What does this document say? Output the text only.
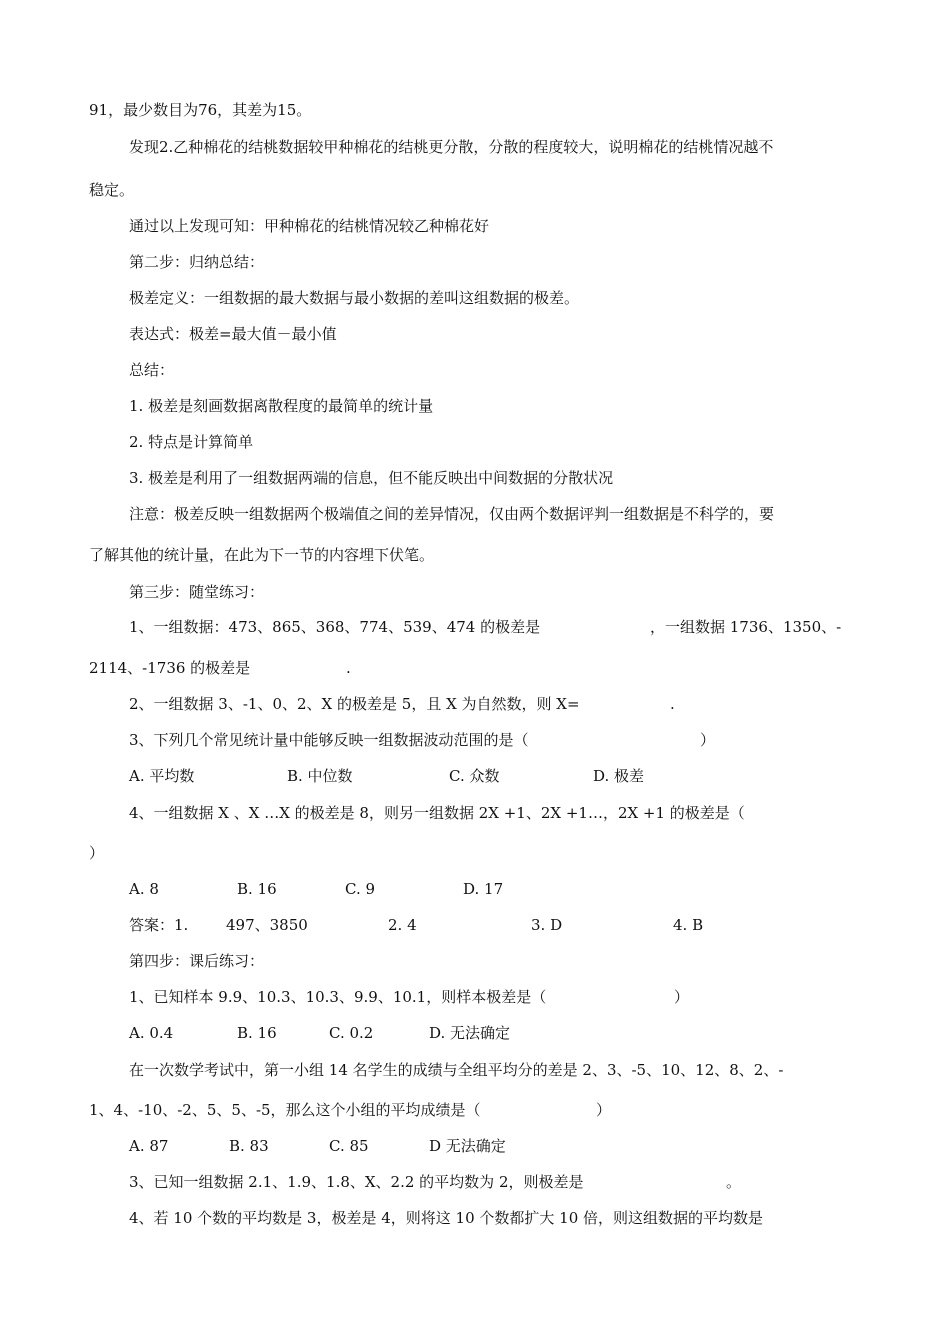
91，最少数目为76，其差为15。
发现2.乙种棉花的结桃数据较甲种棉花的结桃更分散，分散的程度较大，说明棉花的结桃情况越不
稳定。
通过以上发现可知：甲种棉花的结桃情况较乙种棉花好
第二步：归纳总结：
极差定义：一组数据的最大数据与最小数据的差叫这组数据的极差。
表达式：极差=最大值－最小值
总结：
1. 极差是刻画数据离散程度的最简单的统计量
2. 特点是计算简单
3. 极差是利用了一组数据两端的信息，但不能反映出中间数据的分散状况
注意：极差反映一组数据两个极端值之间的差异情况，仅由两个数据评判一组数据是不科学的，要
了解其他的统计量，在此为下一节的内容埋下伏笔。
第三步：随堂练习：
1、一组数据：473、865、368、774、539、474 的极差是	，一组数据 1736、1350、-
2114、-1736 的极差是	.
2、一组数据 3、-1、0、2、X 的极差是 5，且 X 为自然数，则 X=	.
3、下列几个常见统计量中能够反映一组数据波动范围的是（	）
A. 平均数	B. 中位数	C. 众数	D. 极差
4、一组数据 X 、X …X 的极差是 8，则另一组数据 2X +1、2X +1…，2X +1 的极差是（
）
A. 8	B. 16	C. 9	D. 17
答案：1.	497、3850	2. 4	3. D	4. B
第四步：课后练习：
1、已知样本 9.9、10.3、10.3、9.9、10.1，则样本极差是（	）
A. 0.4	B. 16	C. 0.2	D. 无法确定
在一次数学考试中，第一小组 14 名学生的成绩与全组平均分的差是 2、3、-5、10、12、8、2、-
1、4、-10、-2、5、5、-5，那么这个小组的平均成绩是（	）
A. 87	B. 83	C. 85	D 无法确定
3、已知一组数据 2.1、1.9、1.8、X、2.2 的平均数为 2，则极差是	。
4、若 10 个数的平均数是 3，极差是 4，则将这 10 个数都扩大 10 倍，则这组数据的平均数是
